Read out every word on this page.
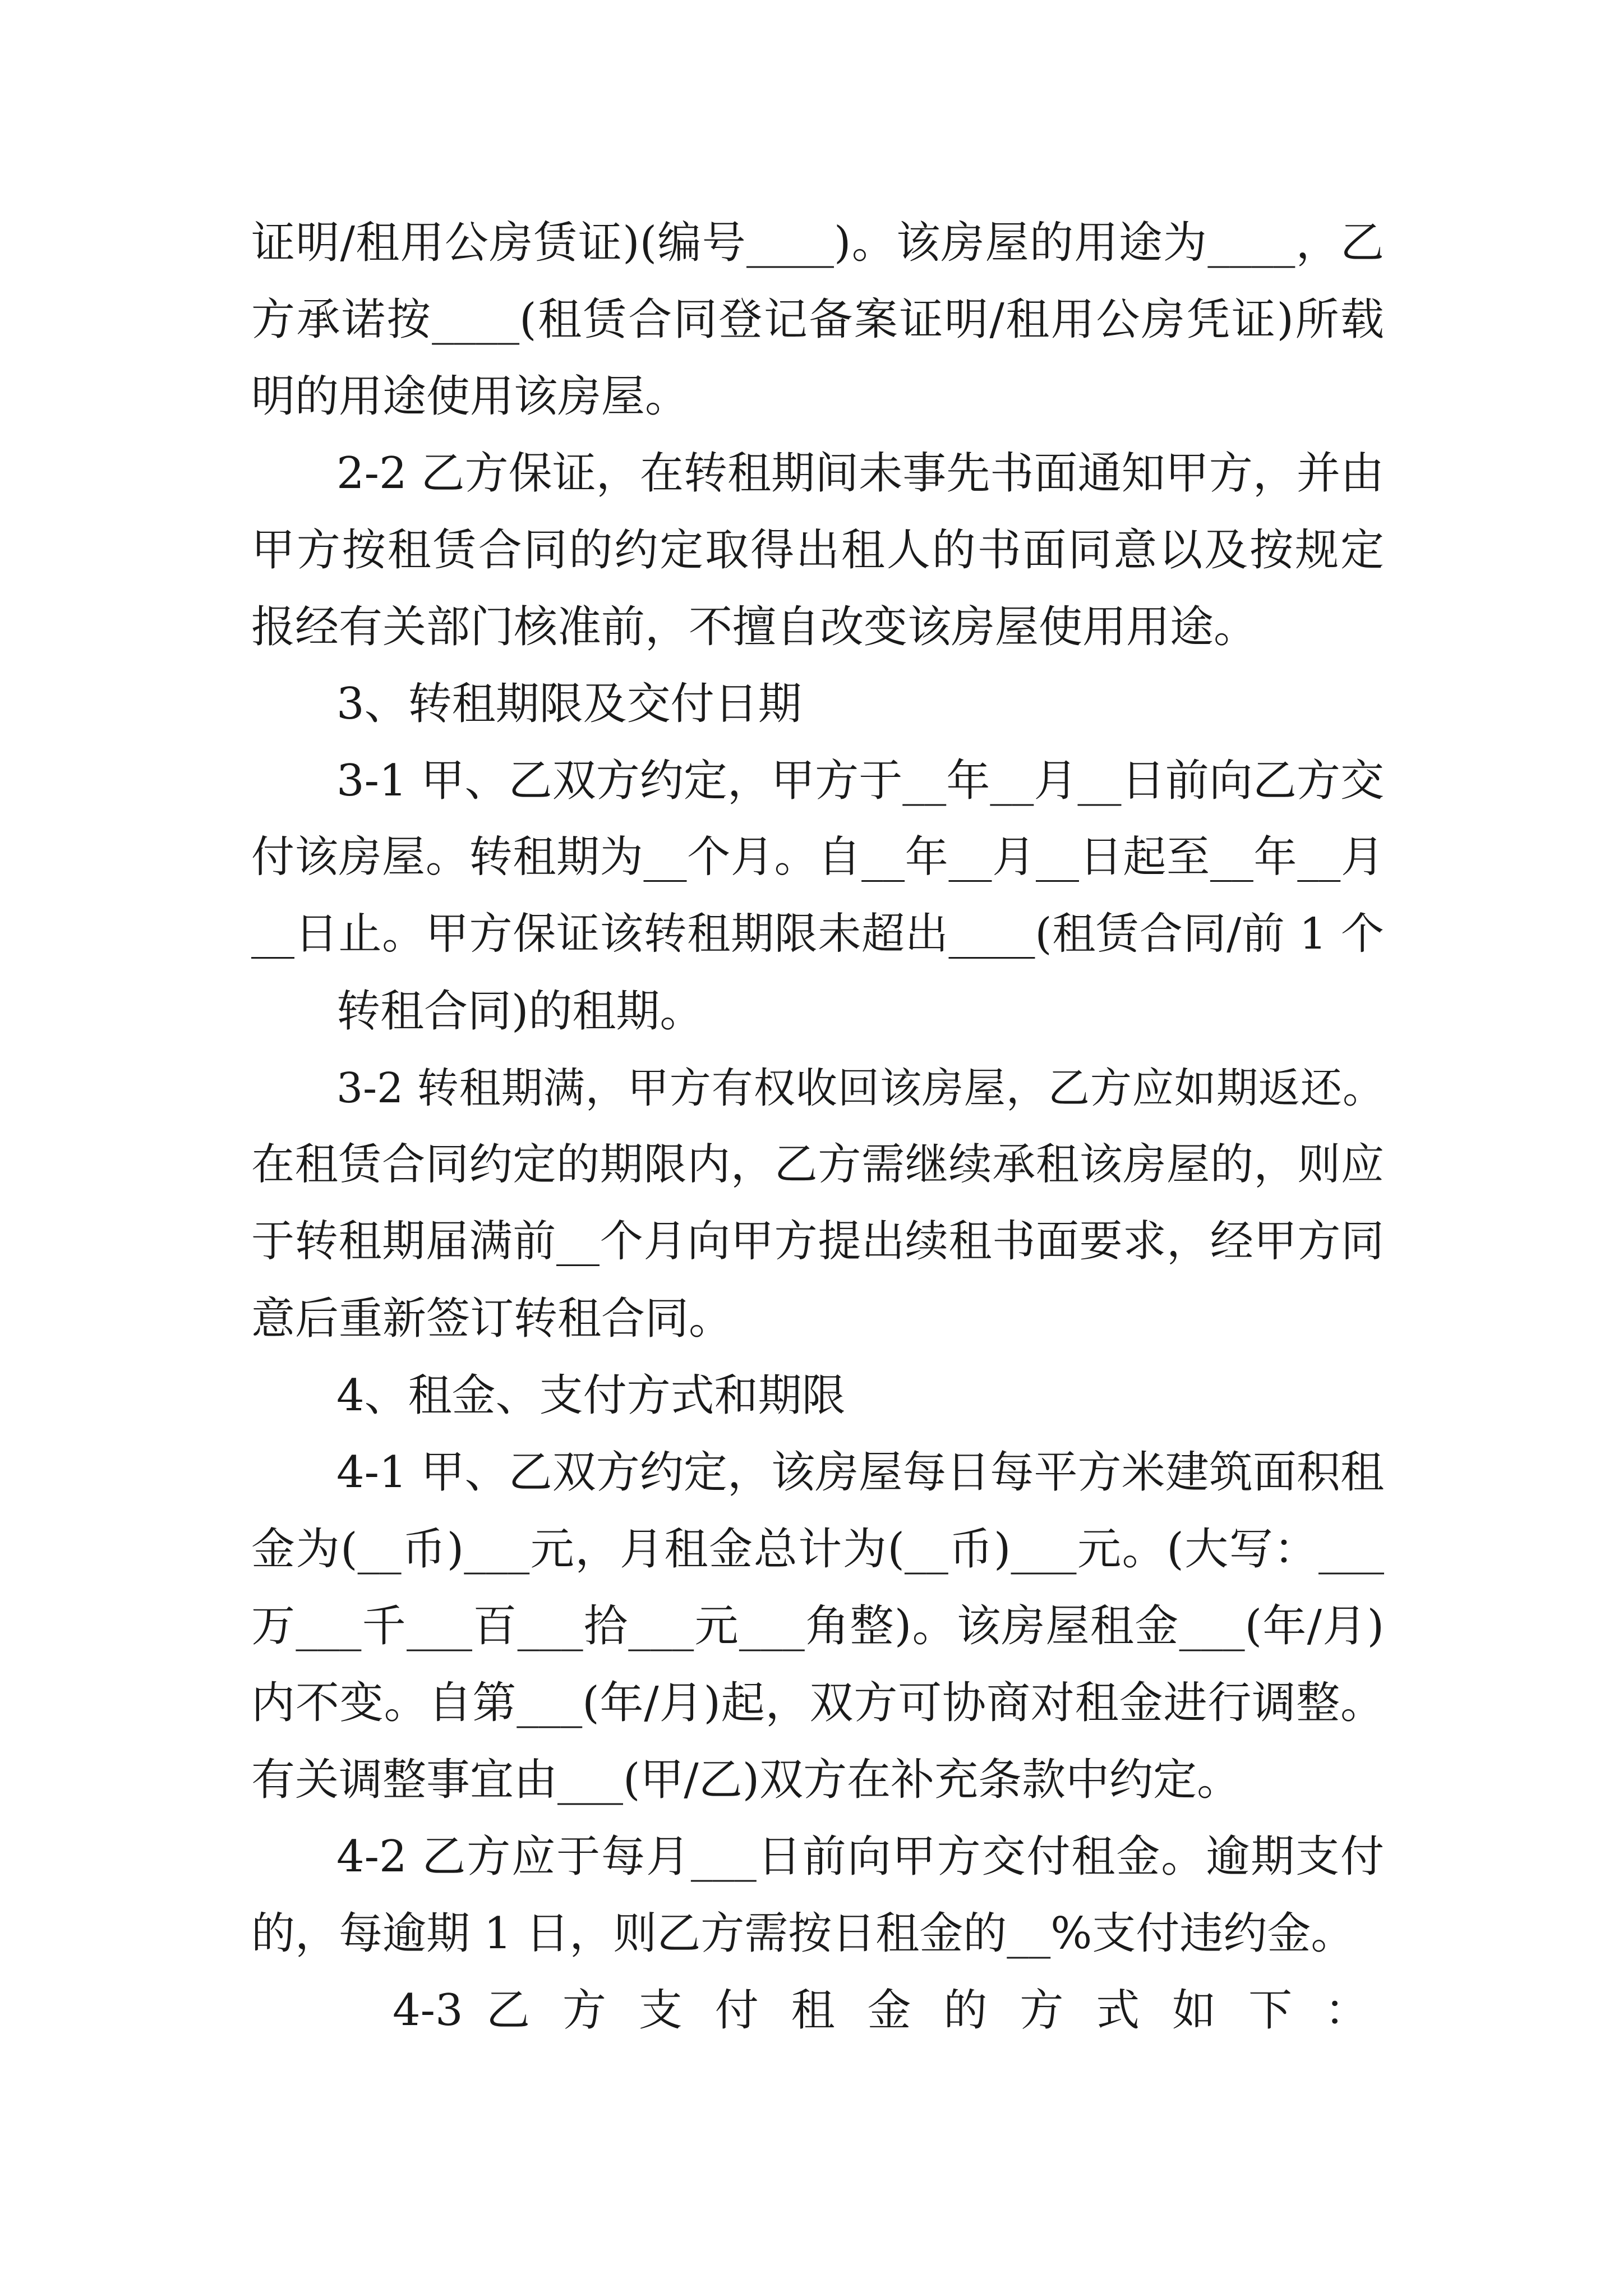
证明/租用公房赁证)(编号____)。该房屋的用途为____，乙
方承诺按____(租赁合同登记备案证明/租用公房凭证)所载
明的用途使用该房屋。
2-2 乙方保证，在转租期间未事先书面通知甲方，并由
甲方按租赁合同的约定取得出租人的书面同意以及按规定
报经有关部门核准前，不擅自改变该房屋使用用途。
3、转租期限及交付日期
3-1 甲、乙双方约定，甲方于__年__月__日前向乙方交
付该房屋。转租期为__个月。自__年__月__日起至__年__月
__日止。甲方保证该转租期限未超出____(租赁合同/前 1 个
转租合同)的租期。
3-2 转租期满，甲方有权收回该房屋，乙方应如期返还。
在租赁合同约定的期限内，乙方需继续承租该房屋的，则应
于转租期届满前__个月向甲方提出续租书面要求，经甲方同
意后重新签订转租合同。
4、租金、支付方式和期限
4-1 甲、乙双方约定，该房屋每日每平方米建筑面积租
金为(__币)___元，月租金总计为(__币)___元。(大写：___
万___千___百___拾___元___角整)。该房屋租金___(年/月)
内不变。自第___(年/月)起，双方可协商对租金进行调整。
有关调整事宜由___(甲/乙)双方在补充条款中约定。
4-2 乙方应于每月___日前向甲方交付租金。逾期支付
的，每逾期 1 日，则乙方需按日租金的__%支付违约金。
4-3 乙 方 支 付 租 金 的 方 式 如 下 ：
